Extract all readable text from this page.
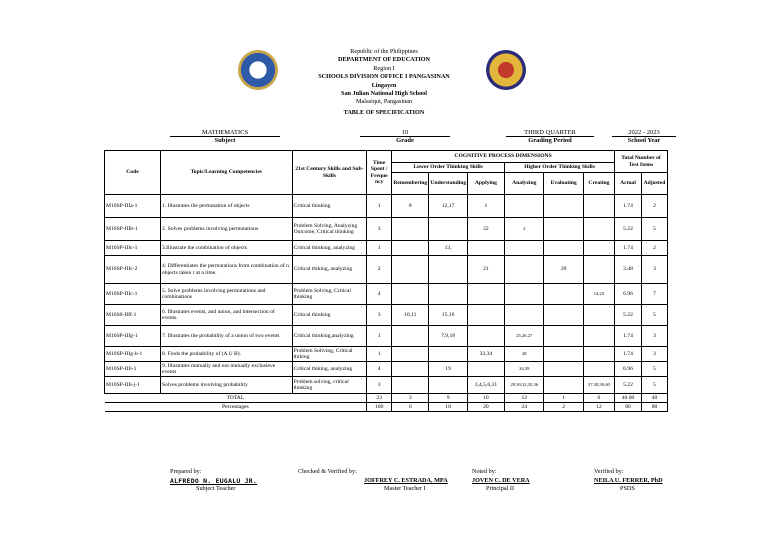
Republic of the Philippines
DEPARTMENT OF EDUCATION
Region I
SCHOOLS DIVISION OFFICE I PANGASINAN
Lingayen
San Julian National High School
Malasiqui, Pangasinan
TABLE OF SPECIFICATION
MATHEMATICS
Subject
10
Grade
THIRD QUARTER
Grading Period
2022 - 2023
School Year
Code	Topic/Learning Competencies	21st Century Skills and Sub-Skills	Time Spent / Freque ncy	COGNITIVE PROCESS DIMENSIONS						Total Number of Test Items	
				Lower Order Thinking Skills			Higher Order Thinking Skills				
				Remembering	Understanding	Applying	Analyzing	Evaluating	Creating	Actual	Adjusted
M10SP-IIIa-1	1. Illustrates the permutation of objects	Critical thinking	1	8	12,17	1				1.74	2
M10SP-IIIb-1	2. Solves problems involving permutations	Problem Solving, Analyzing Outcome, Critical thinking	3			22	2			5.22	5
M10SP-IIIc-1	3.Illustrate the combination of objects	Critical thinking, analyzing	1		13,					1.74	2
M10SP-IIIc-2	4. Differentiates the permutations from combination of n objects taken r at a time.	Critical thiking, analyzing	2			21		20		3.48	3
M10SP-IIIc-1	5. Solve problems involving permutations and combinations	Problem Solving, Critical thinking	4						14,23	6.96	7
M10S0-IIIf-1	6. Illustrates events, and union, and intersection of events.	Critical thinking	3	10,11	15,16					5.22	5
M10SP-IIIg-1	7. Illustrates the probability of a union of two events	Critical thinking,analyzing	1		7,9,18		25,26,27			1.74	3
M10SP-IIIg-h-1	8. Finds the probability of (A U B).	Problem Soliving, Critical thiking	1			33,34	28			1.74	3
M10SP-IIIi-1	9. Illustrates mutually and not mutually exclusieve events	Critical thiking, analyzing	4		19		24,39			6.96	5
M10SP-IIIi-j-1	Solves problems involving probability	Problem solving, critical thinking	3			3,4,5,6,31	29,30,32,35,36		37,38,39,40	5.22	5
TOTAL			23	3	9	10	12	1	6	40.00	40
Percentages			100	6	18	20	24	2	12	80	80
Prepared by:
ALFREDO N. EUGALU JR.
Subject Teacher
Checked & Verified by:
JOFFREY C. ESTRADA, MPA
Master Teacher I
Noted by:
JOVEN C. DE VERA
Principal II
Verified by:
NEILA U. FERRER, PhD
PSDS
